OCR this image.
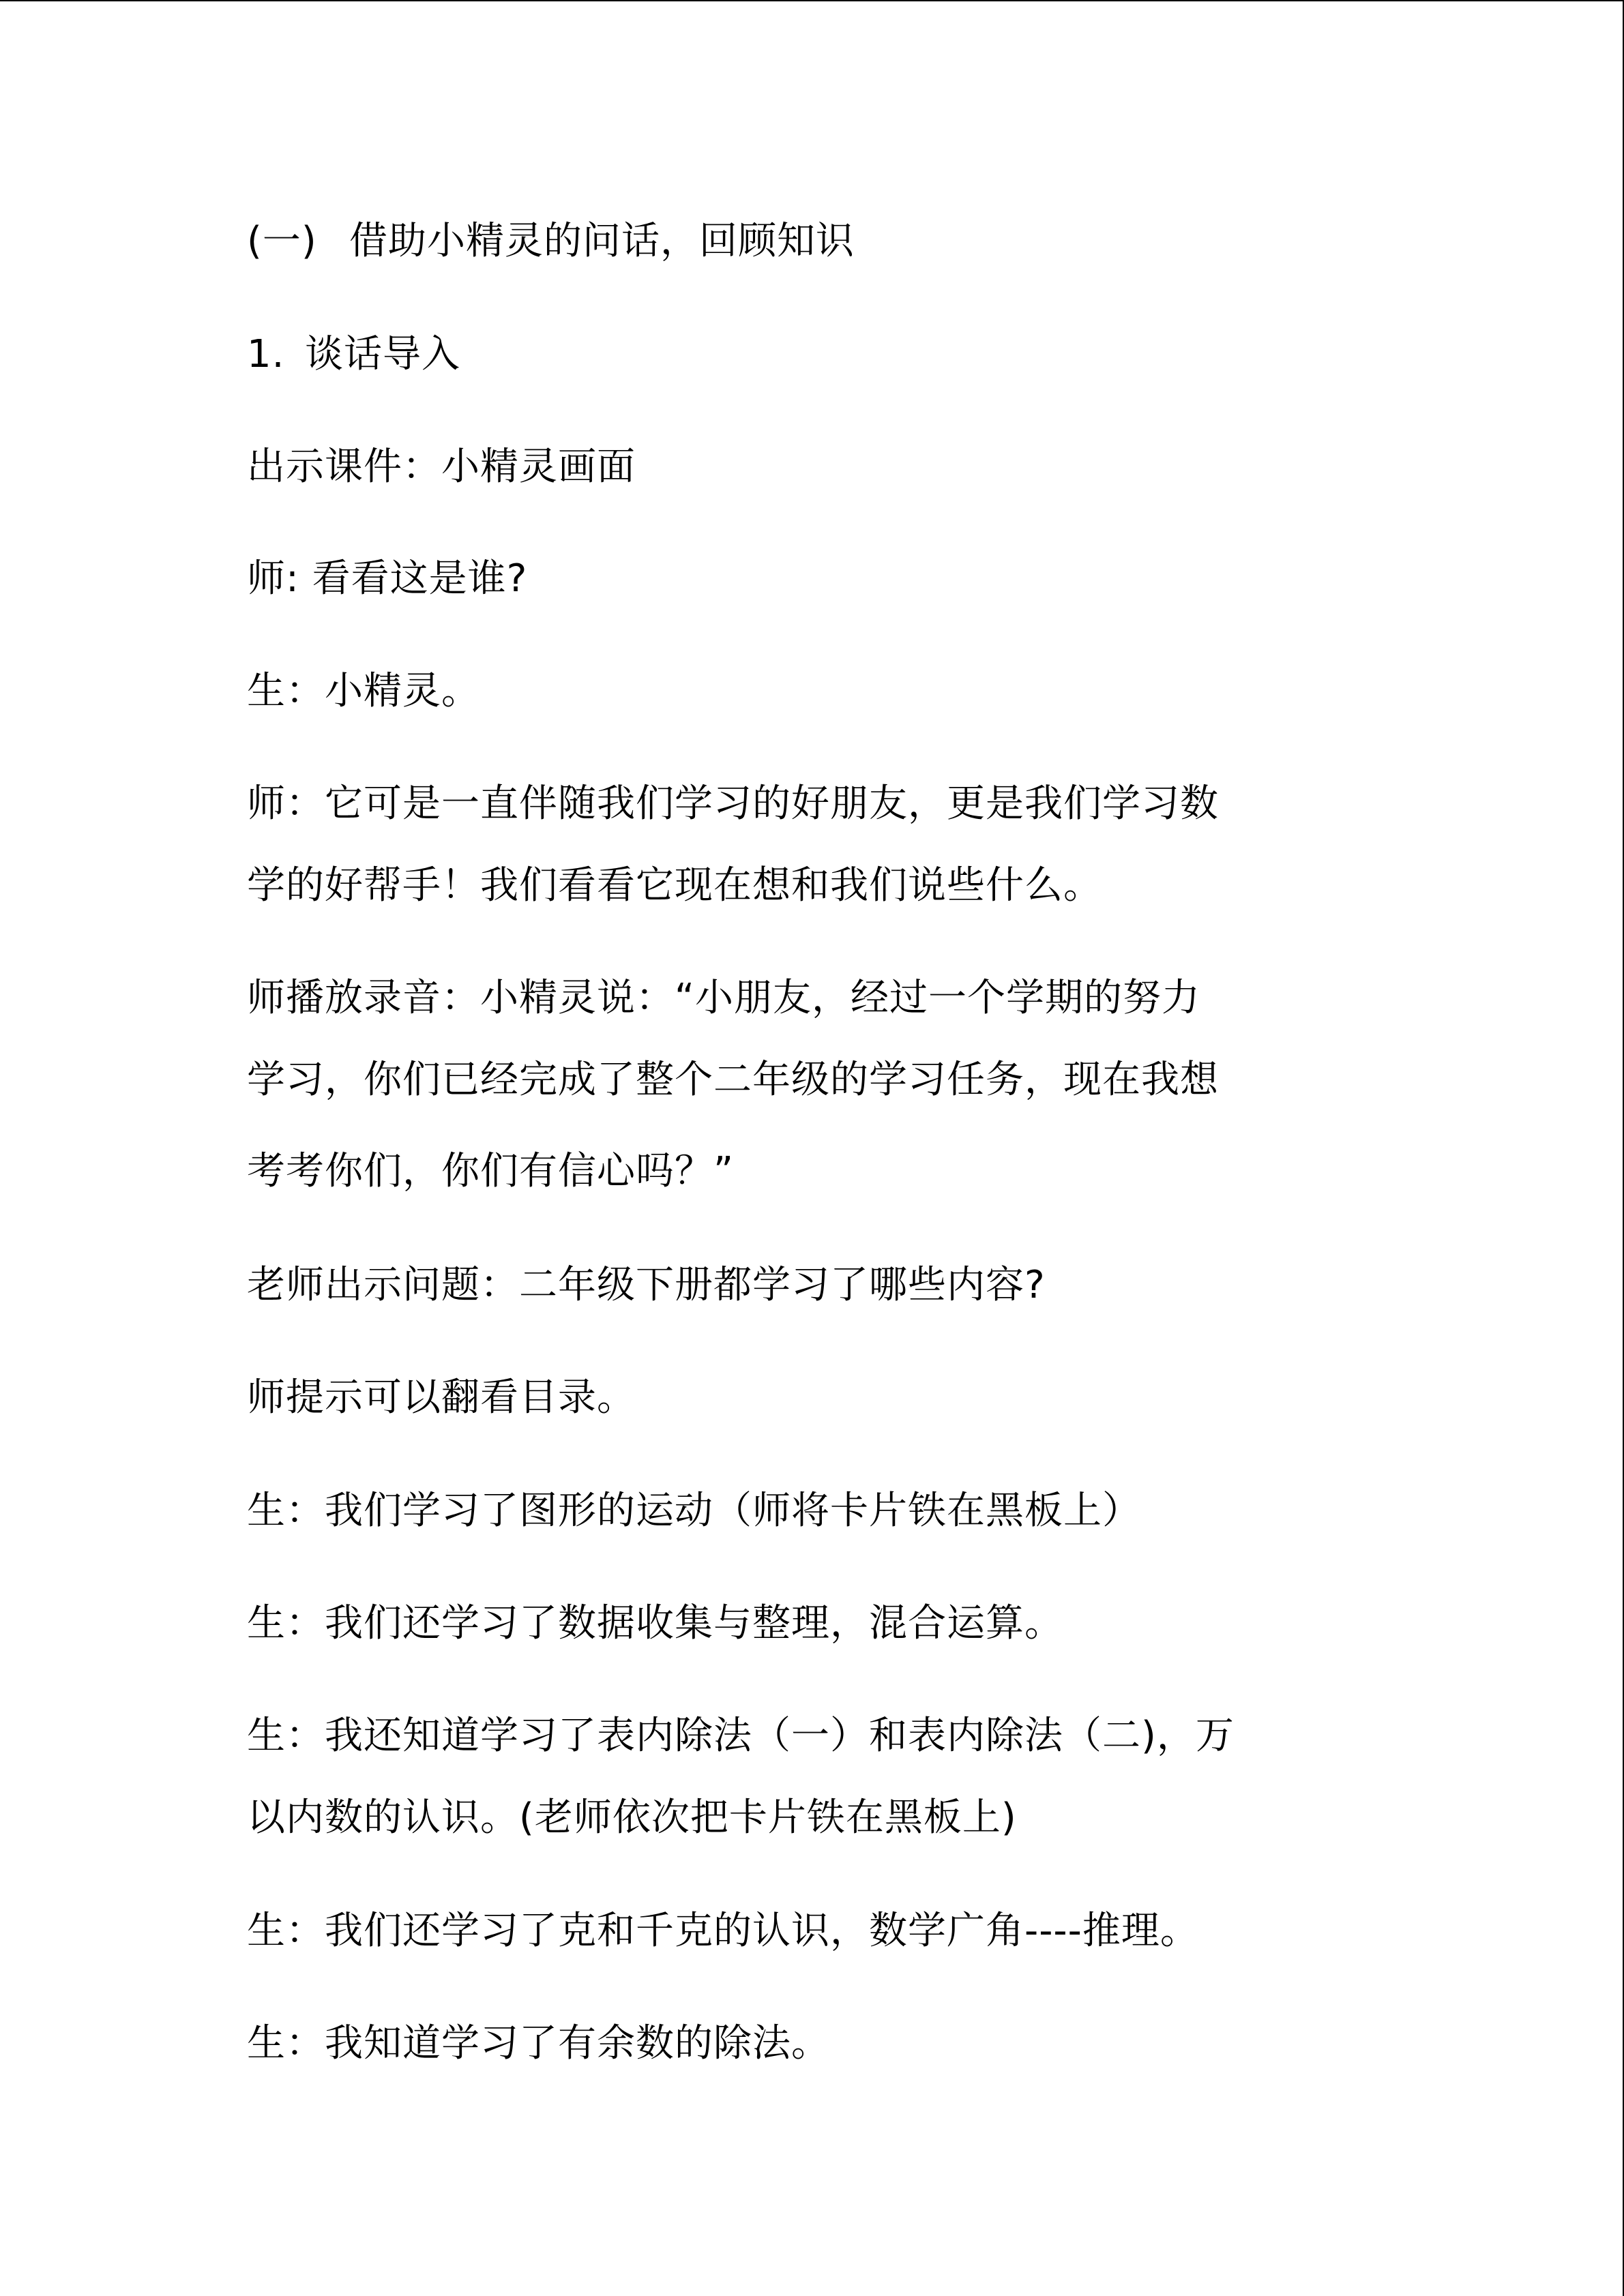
(一) 借助小精灵的问话，回顾知识

1. 谈话导入

出示课件：小精灵画面

师: 看看这是谁?

生：小精灵。

师：它可是一直伴随我们学习的好朋友，更是我们学习数

学的好帮手！我们看看它现在想和我们说些什么。

师播放录音：小精灵说：“小朋友，经过一个学期的努力

学习，你们已经完成了整个二年级的学习任务，现在我想

考考你们，你们有信心吗？”

老师出示问题：二年级下册都学习了哪些内容?

师提示可以翻看目录。

生：我们学习了图形的运动（师将卡片铁在黑板上）

生：我们还学习了数据收集与整理，混合运算。

生：我还知道学习了表内除法（一）和表内除法（二)，万

以内数的认识。(老师依次把卡片铁在黑板上)

生：我们还学习了克和千克的认识，数学广角----推理。

生：我知道学习了有余数的除法。
